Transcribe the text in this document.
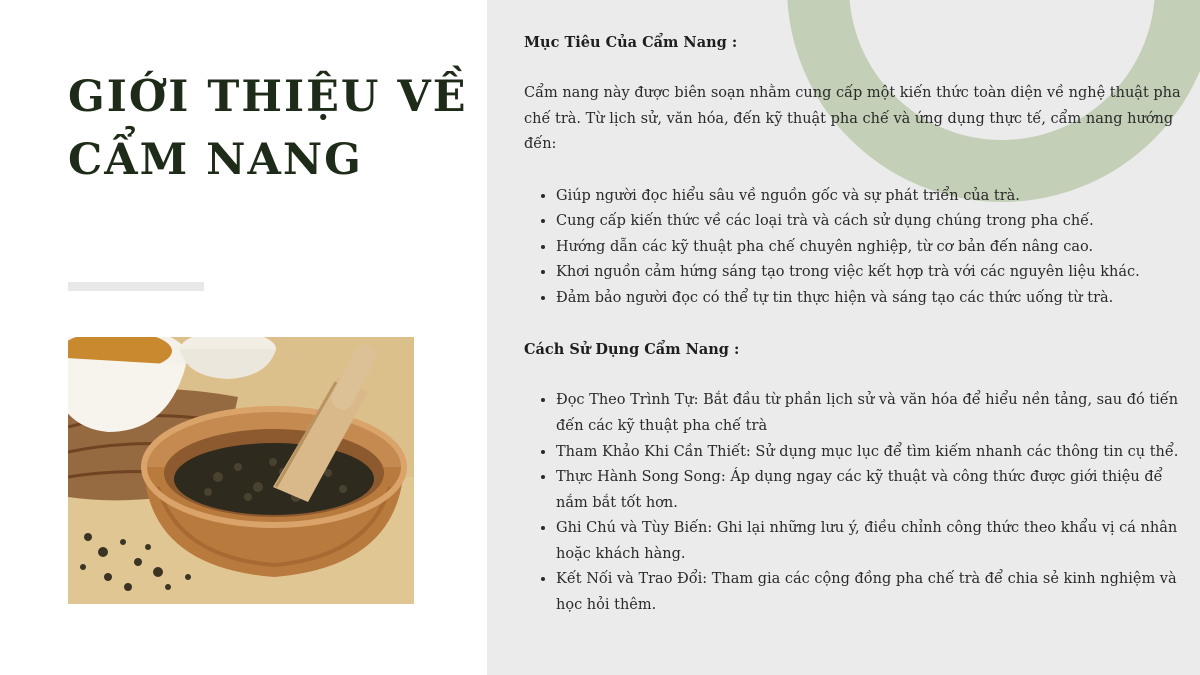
GIỚI THIỆU VỀ CẨM NANG
Mục Tiêu Của Cẩm Nang :

Cẩm nang này được biên soạn nhằm cung cấp một kiến thức toàn diện về nghệ thuật pha chế trà. Từ lịch sử, văn hóa, đến kỹ thuật pha chế và ứng dụng thực tế, cẩm nang hướng đến:

• Giúp người đọc hiểu sâu về nguồn gốc và sự phát triển của trà.
• Cung cấp kiến thức về các loại trà và cách sử dụng chúng trong pha chế.
• Hướng dẫn các kỹ thuật pha chế chuyên nghiệp, từ cơ bản đến nâng cao.
• Khơi nguồn cảm hứng sáng tạo trong việc kết hợp trà với các nguyên liệu khác.
• Đảm bảo người đọc có thể tự tin thực hiện và sáng tạo các thức uống từ trà.
Cách Sử Dụng Cẩm Nang :
• Đọc Theo Trình Tự: Bắt đầu từ phần lịch sử và văn hóa để hiểu nền tảng, sau đó tiến đến các kỹ thuật pha chế trà
• Tham Khảo Khi Cần Thiết: Sử dụng mục lục để tìm kiếm nhanh các thông tin cụ thể.
• Thực Hành Song Song: Áp dụng ngay các kỹ thuật và công thức được giới thiệu để nắm bắt tốt hơn.
• Ghi Chú và Tùy Biến: Ghi lại những lưu ý, điều chỉnh công thức theo khẩu vị cá nhân hoặc khách hàng.
• Kết Nối và Trao Đổi: Tham gia các cộng đồng pha chế trà để chia sẻ kinh nghiệm và học hỏi thêm.
